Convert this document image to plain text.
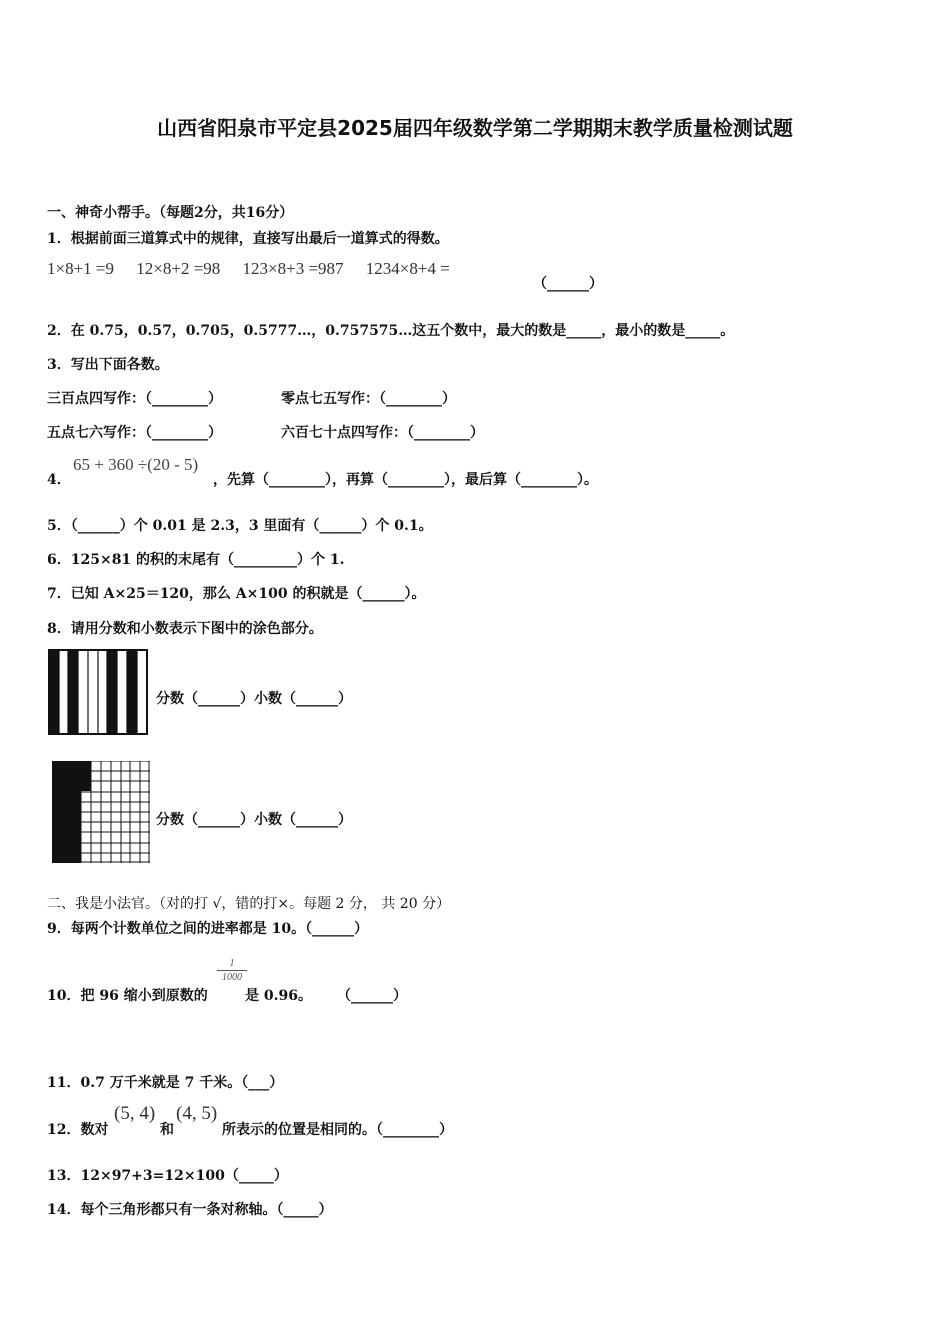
山西省阳泉市平定县2025届四年级数学第二学期期末教学质量检测试题
一、神奇小帮手。（每题2分，共16分）
1．根据前面三道算式中的规律，直接写出最后一道算式的得数。
1×8+1 =9 12×8+2 =98 123×8+3 =987 1234×8+4 =
（______）
2．在 0.75，0.57，0.705，0.5777…，0.757575…这五个数中，最大的数是_____，最小的数是_____。
3．写出下面各数。
三百点四写作：（________）	零点七五写作：（________）
五点七六写作：（________）	六百七十点四写作：（________）
4．
65 + 360 ÷(20 - 5)
，先算（________），再算（________），最后算（________）。
5．（______）个 0.01 是 2.3，3 里面有（______）个 0.1。
6．125×81 的积的末尾有（_________）个 1.
7．已知 A×25＝120，那么 A×100 的积就是（______）。
8．请用分数和小数表示下图中的涂色部分。
分数（______）小数（______）
分数（______）小数（______）
二、我是小法官。（对的打 √，错的打×。每题 2 分， 共 20 分）
9．每两个计数单位之间的进率都是 10。（______）
10．把 96 缩小到原数的
1
1000
是 0.96。 （______）
11．0.7 万千米就是 7 千米。（___）
12．数对
(5, 4)
和
(4, 5)
所表示的位置是相同的。（________）
13．12×97+3=12×100（_____）
14．每个三角形都只有一条对称轴。（_____）
